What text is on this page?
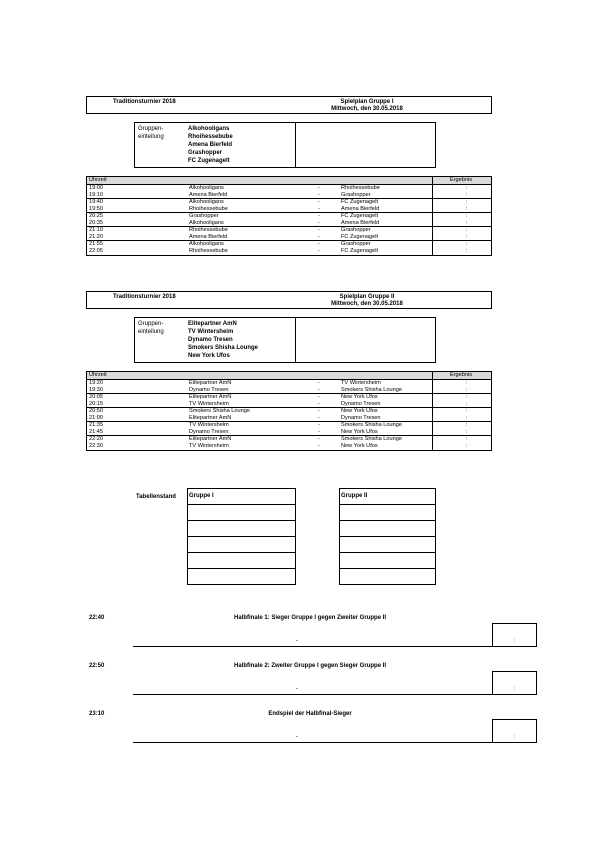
Traditionsturnier 2018	Spielplan Gruppe I
Mittwoch, den 30.05.2018
Gruppen-
einteilung
Alkohooligans
Rhoihessebube
Amena Bierfeld
Grashopper
FC Zugenagelt
Uhrzeit	Ergebnis
19:00	Alkohooligans	-	Rhoihessebube	:
19:10	Amena Bierfeld	-	Grashopper	:
19:40	Alkohooligans	-	FC Zugenagelt	:
19:50	Rhoihessebube	-	Amena Bierfeld	:
20:25	Grashopper	-	FC Zugenagelt	:
20:35	Alkohooligans	-	Amena Bierfeld	:
21:10	Rhoihessebube	-	Grashopper	:
21:20	Amena Bierfeld	-	FC Zugenagelt	:
21:55	Alkohooligans	-	Grashopper	:
22:05	Rhoihessebube	-	FC Zugenagelt	:
Traditionsturnier 2018	Spielplan Gruppe II
Mittwoch, den 30.05.2018
Gruppen-
einteilung
Elitepartner AmN
TV Wintersheim
Dynamo Tresen
Smokers Shisha Lounge
New York Ufos
Uhrzeit	Ergebnis
19:20	Elitepartner AmN	-	TV Wintersheim	:
19:30	Dynamo Tresen	-	Smokers Shisha Lounge	:
20:05	Elitepartner AmN	-	New York Ufos	:
20:15	TV Wintersheim	-	Dynamo Tresen	:
20:50	Smokers Shisha Lounge	-	New York Ufos	:
21:00	Elitepartner AmN	-	Dynamo Tresen	:
21:35	TV Wintersheim	-	Smokers Shisha Lounge	:
21:45	Dynamo Tresen	-	New York Ufos	:
22:20	Elitepartner AmN	-	Smokers Shisha Lounge	:
22:30	TV Wintersheim	-	New York Ufos	:
Tabellenstand Gruppe I	Gruppe II
22:40	Halbfinale 1: Sieger Gruppe I gegen Zweiter Gruppe II
-	:
22:50	Halbfinale 2: Zweiter Gruppe I gegen Sieger Gruppe II
-	:
23:10	Endspiel der Halbfinal-Sieger
-	:
